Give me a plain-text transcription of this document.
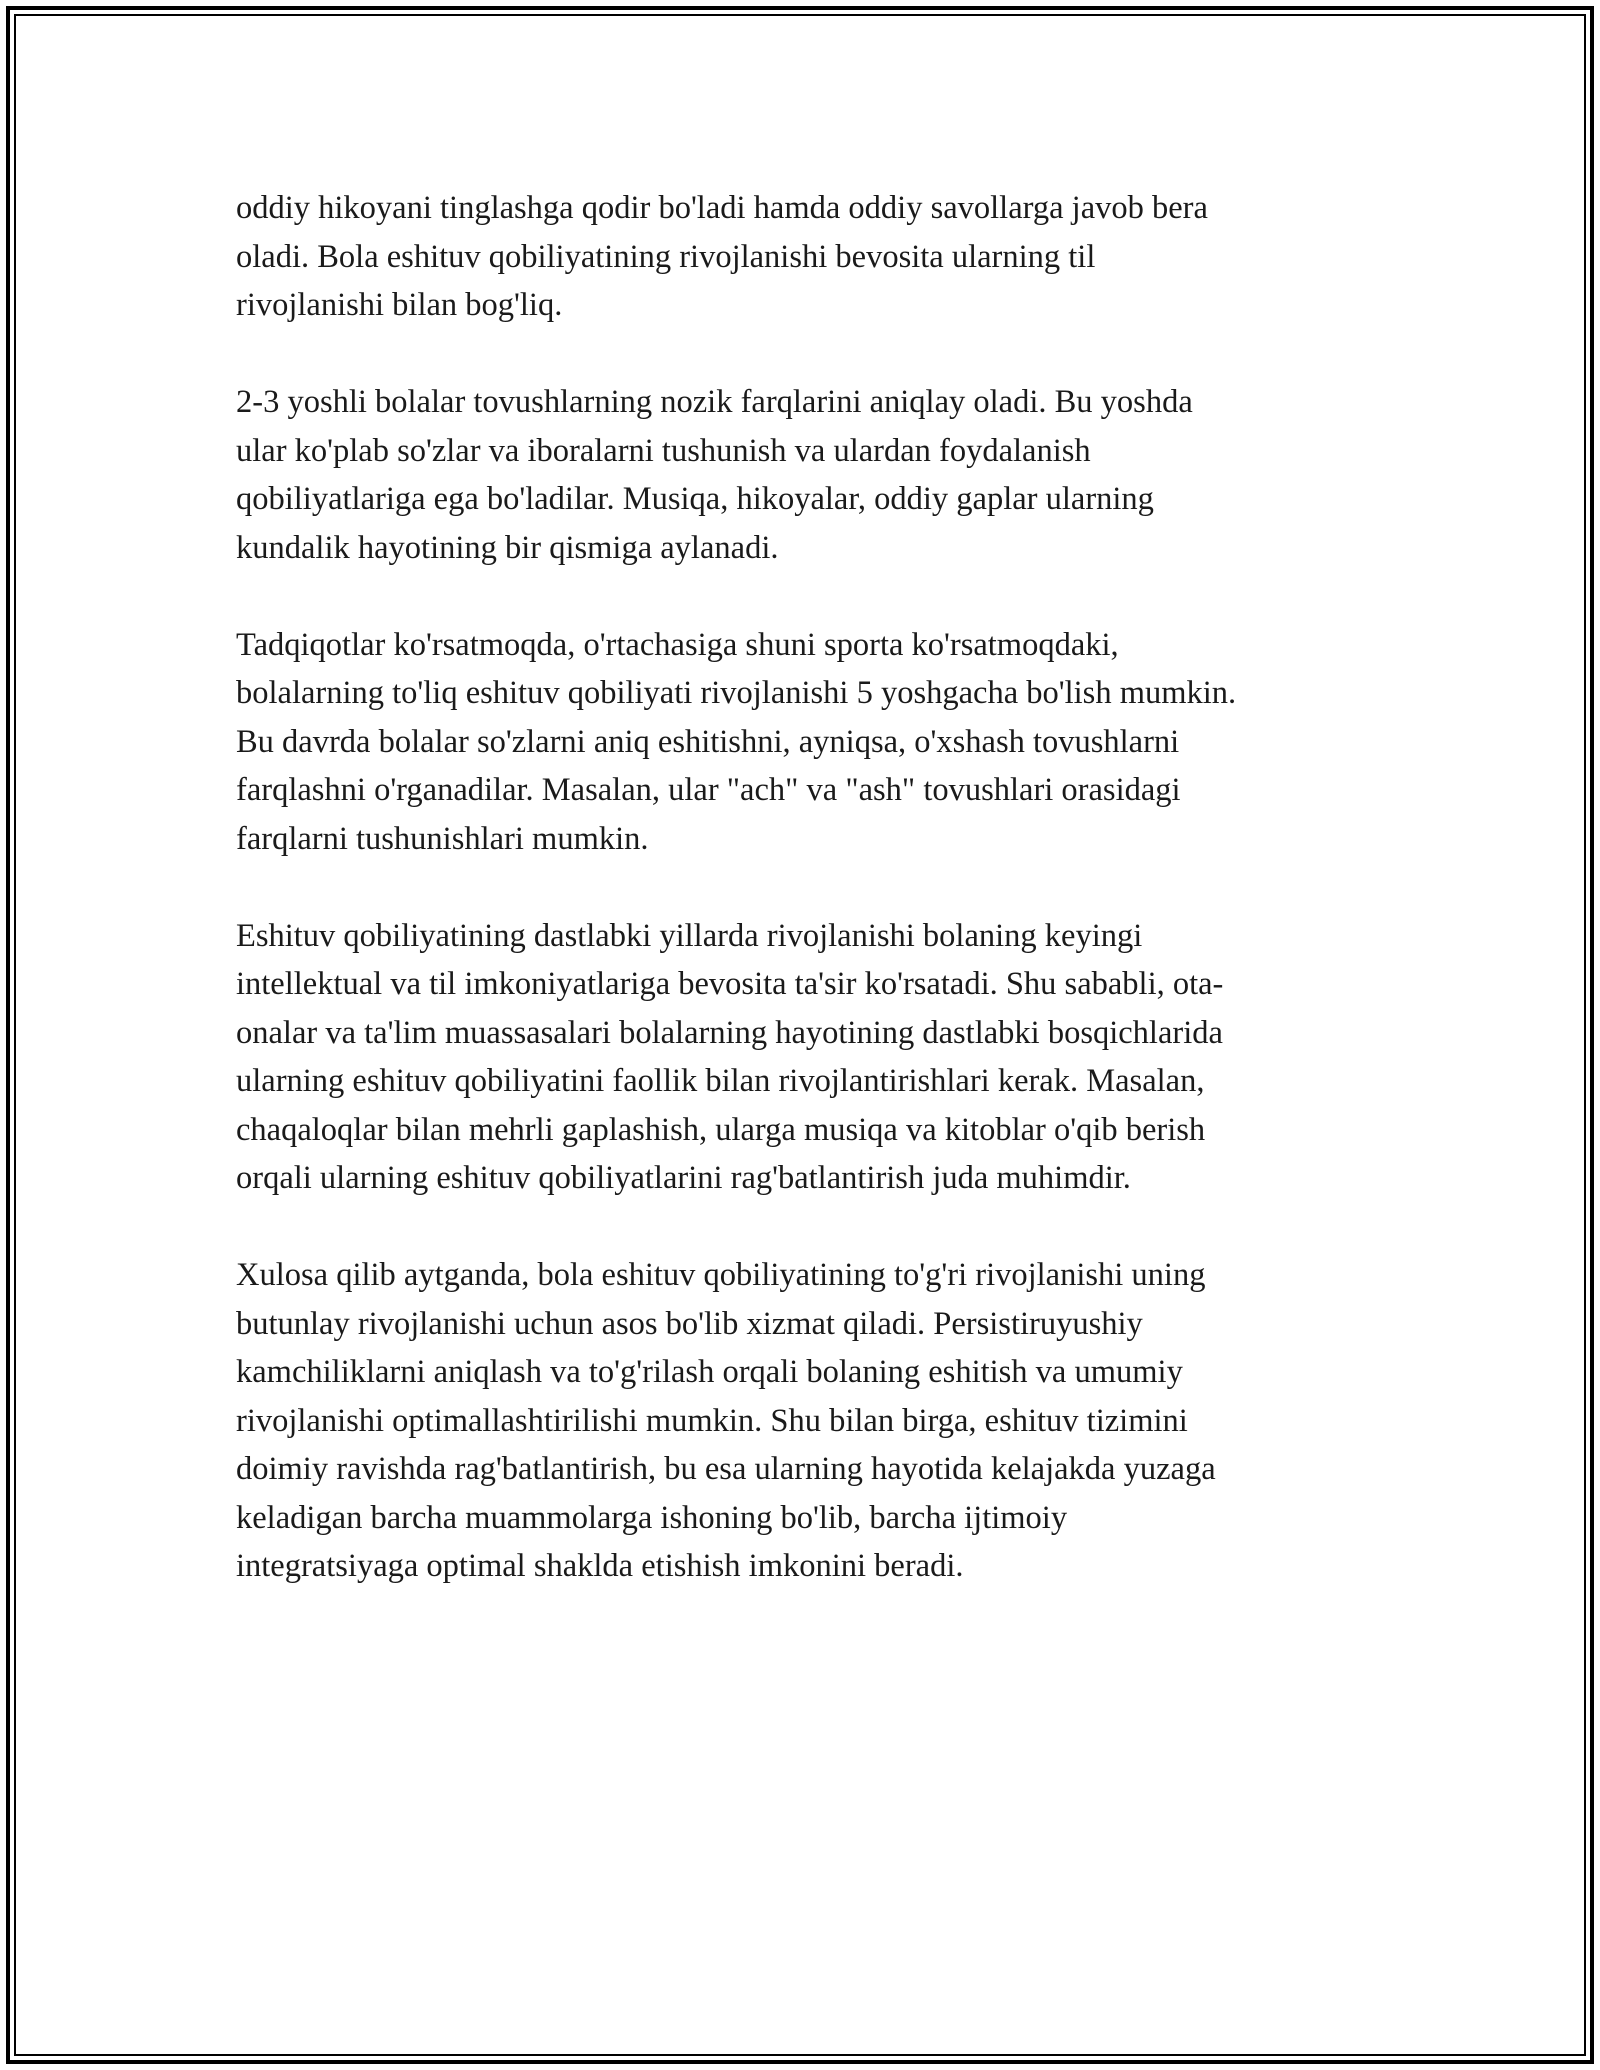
oddiy hikoyani tinglashga qodir bo'ladi hamda oddiy savollarga javob bera
oladi. Bola eshituv qobiliyatining rivojlanishi bevosita ularning til
rivojlanishi bilan bog'liq.

2-3 yoshli bolalar tovushlarning nozik farqlarini aniqlay oladi. Bu yoshda
ular ko'plab so'zlar va iboralarni tushunish va ulardan foydalanish
qobiliyatlariga ega bo'ladilar. Musiqa, hikoyalar, oddiy gaplar ularning
kundalik hayotining bir qismiga aylanadi.

Tadqiqotlar ko'rsatmoqda, o'rtachasiga shuni sporta ko'rsatmoqdaki,
bolalarning to'liq eshituv qobiliyati rivojlanishi 5 yoshgacha bo'lish mumkin.
Bu davrda bolalar so'zlarni aniq eshitishni, ayniqsa, o'xshash tovushlarni
farqlashni o'rganadilar. Masalan, ular "ach" va "ash" tovushlari orasidagi
farqlarni tushunishlari mumkin.

Eshituv qobiliyatining dastlabki yillarda rivojlanishi bolaning keyingi
intellektual va til imkoniyatlariga bevosita ta'sir ko'rsatadi. Shu sababli, ota-
onalar va ta'lim muassasalari bolalarning hayotining dastlabki bosqichlarida
ularning eshituv qobiliyatini faollik bilan rivojlantirishlari kerak. Masalan,
chaqaloqlar bilan mehrli gaplashish, ularga musiqa va kitoblar o'qib berish
orqali ularning eshituv qobiliyatlarini rag'batlantirish juda muhimdir.

Xulosa qilib aytganda, bola eshituv qobiliyatining to'g'ri rivojlanishi uning
butunlay rivojlanishi uchun asos bo'lib xizmat qiladi. Persistiruyushiy
kamchiliklarni aniqlash va to'g'rilash orqali bolaning eshitish va umumiy
rivojlanishi optimallashtirilishi mumkin. Shu bilan birga, eshituv tizimini
doimiy ravishda rag'batlantirish, bu esa ularning hayotida kelajakda yuzaga
keladigan barcha muammolarga ishoning bo'lib, barcha ijtimoiy
integratsiyaga optimal shaklda etishish imkonini beradi.
